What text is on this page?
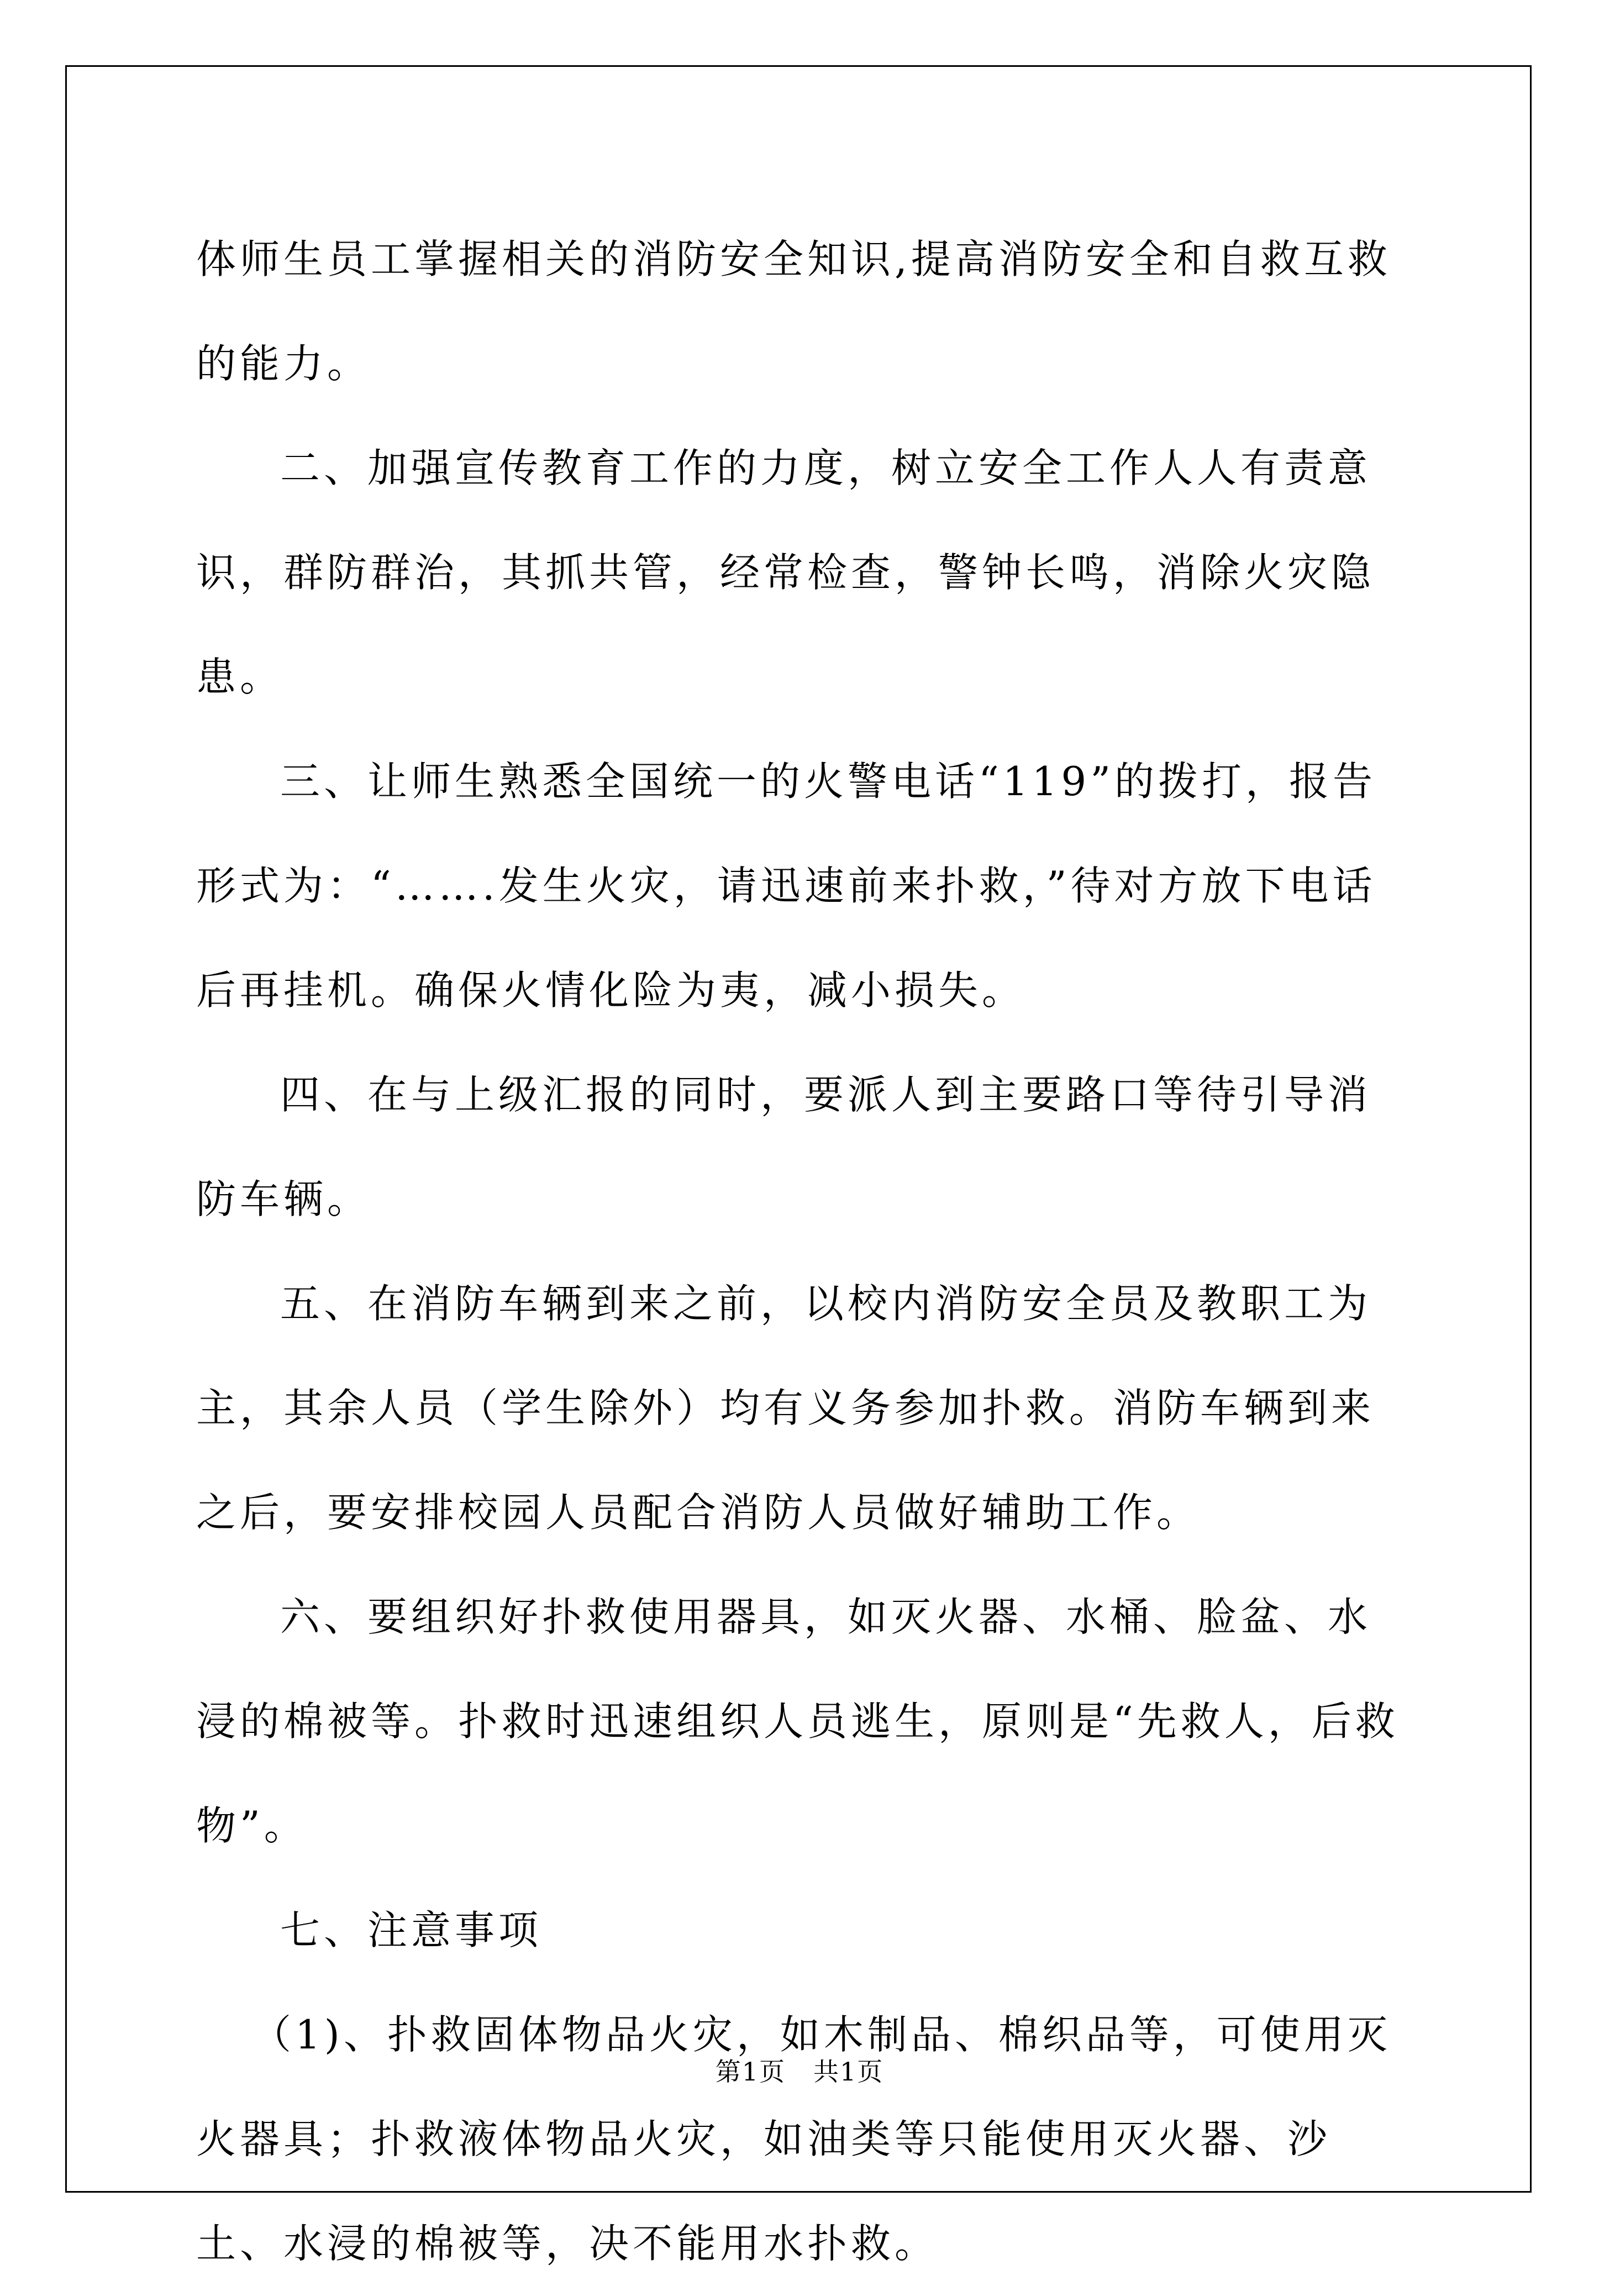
体师生员工掌握相关的消防安全知识,提高消防安全和自救互救的能力。

二、加强宣传教育工作的力度，树立安全工作人人有责意识，群防群治，其抓共管，经常检查，警钟长鸣，消除火灾隐患。

三、让师生熟悉全国统一的火警电话“119”的拨打，报告形式为：“…….发生火灾，请迅速前来扑救，”待对方放下电话后再挂机。确保火情化险为夷，减小损失。

四、在与上级汇报的同时，要派人到主要路口等待引导消防车辆。

五、在消防车辆到来之前，以校内消防安全员及教职工为主，其余人员（学生除外）均有义务参加扑救。消防车辆到来之后，要安排校园人员配合消防人员做好辅助工作。

六、要组织好扑救使用器具，如灭火器、水桶、脸盆、水浸的棉被等。扑救时迅速组织人员逃生，原则是“先救人，后救物”。

七、注意事项

（1)、扑救固体物品火灾，如木制品、棉织品等，可使用灭火器具；扑救液体物品火灾，如油类等只能使用灭火器、沙土、水浸的棉被等，决不能用水扑救。

第1页 共1页
